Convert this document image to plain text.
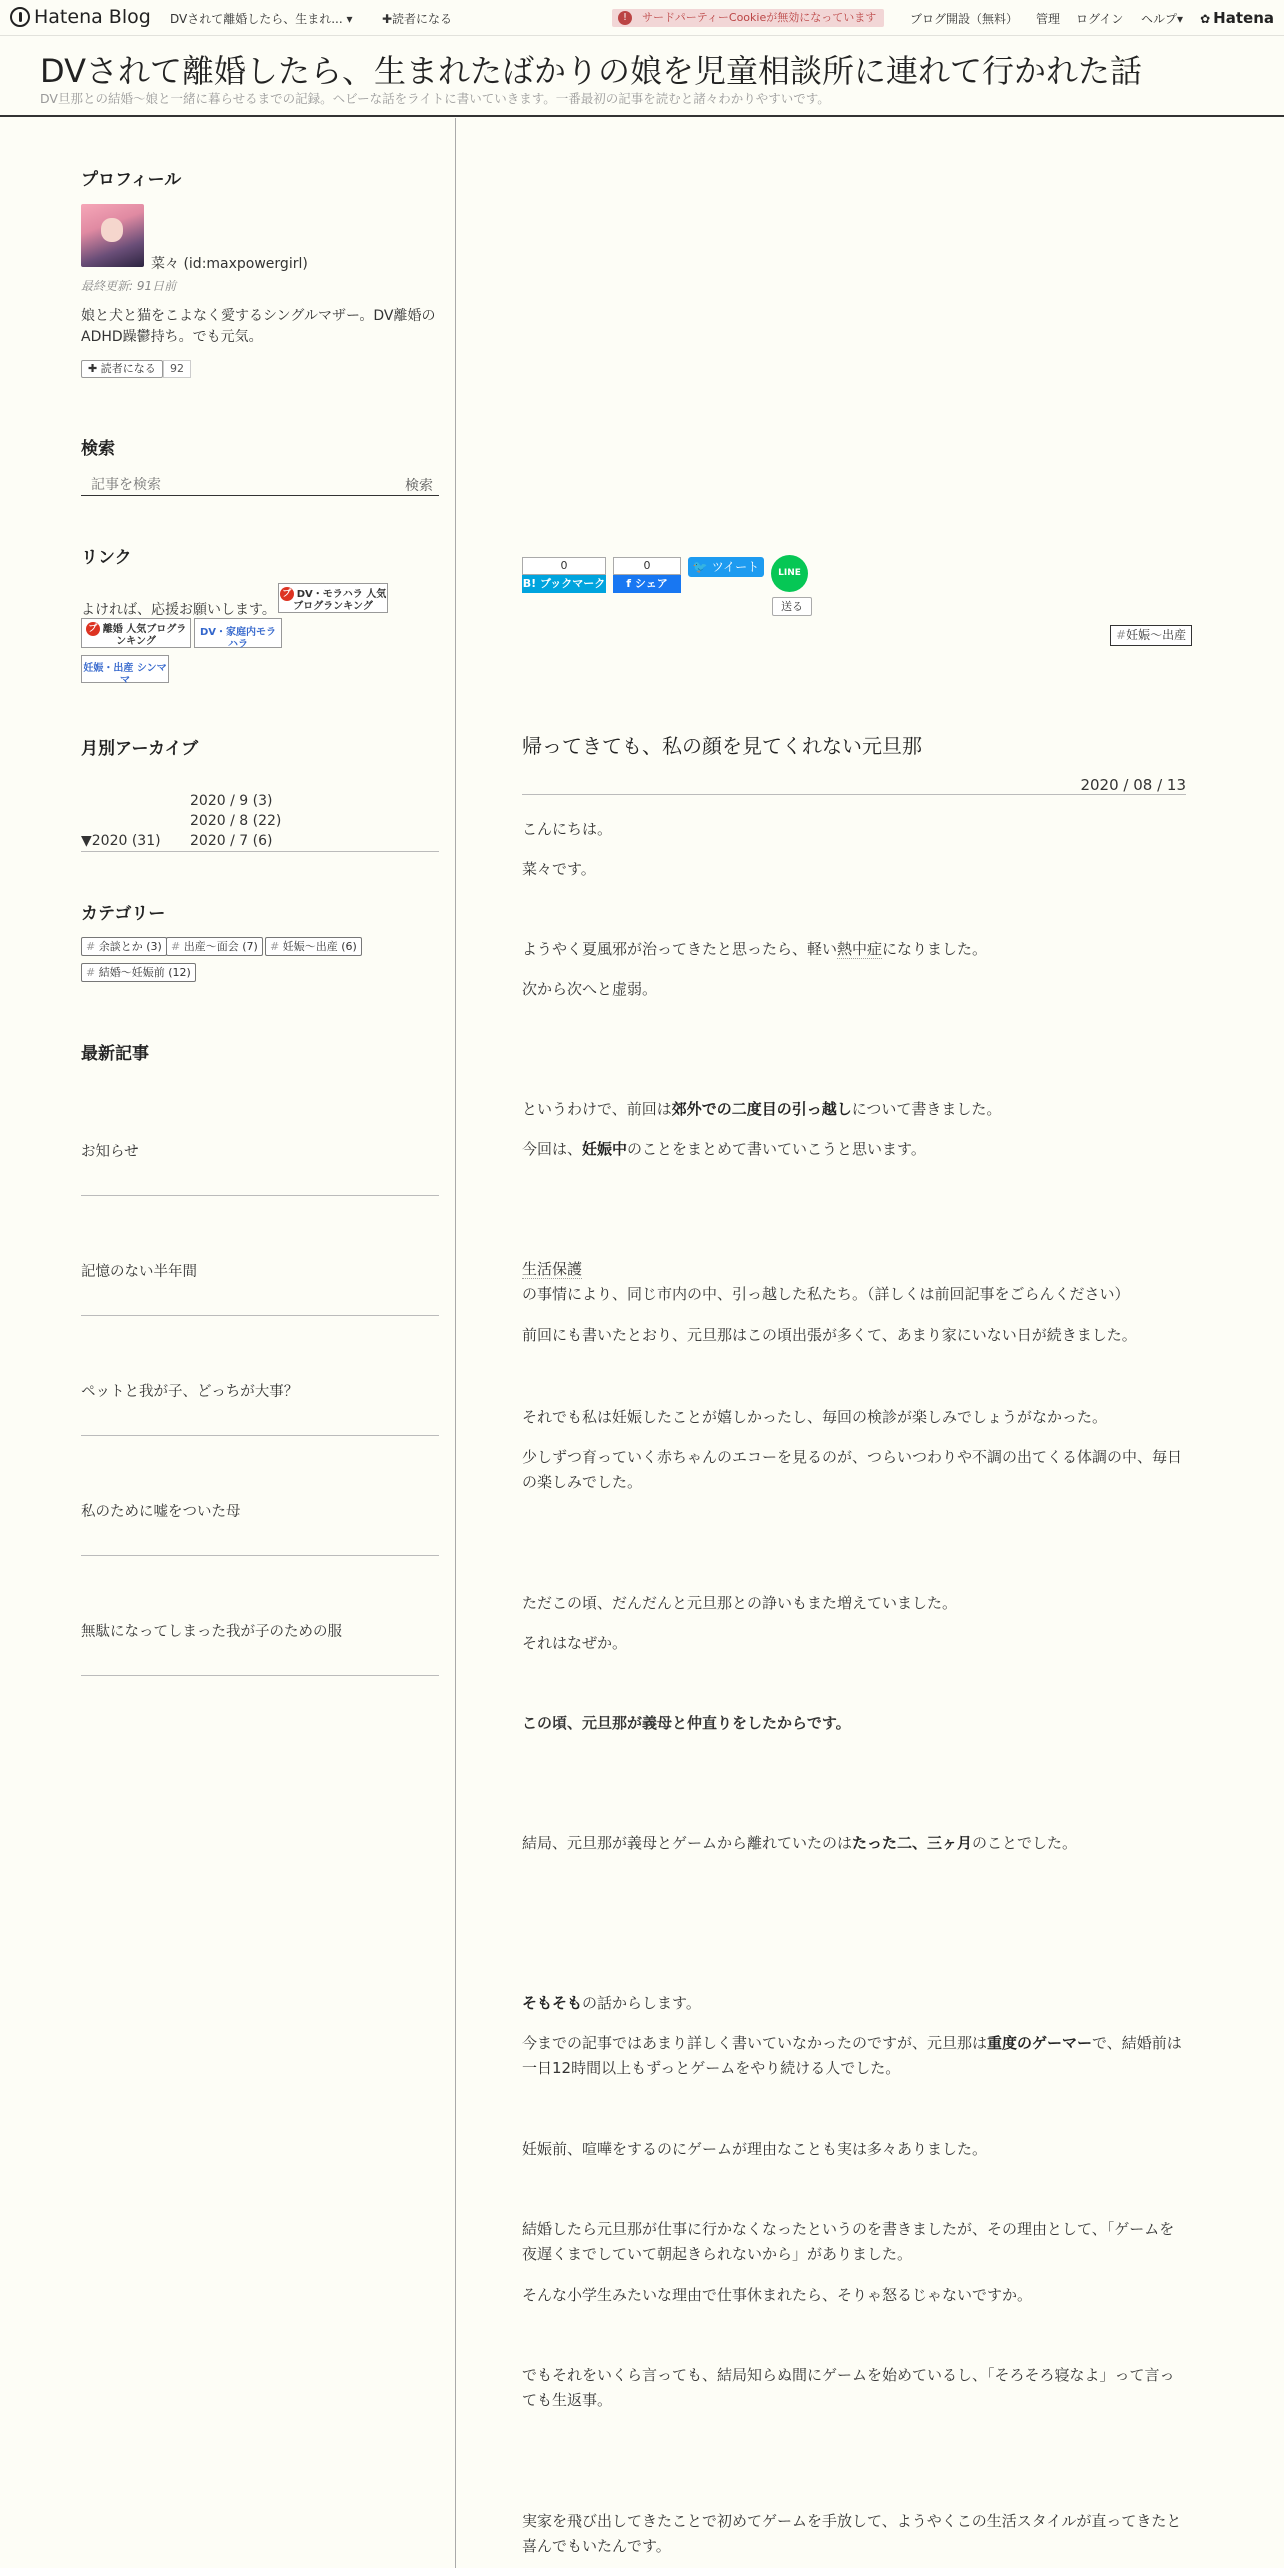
Hatena Blog DVされて離婚したら、生まれ... ▾ ✚読者になる	!	サードパーティーCookieが無効になっています	ブログ開設（無料） 管理 ログイン ヘルプ▾ ✿ Hatena
DVされて離婚したら、生まれたばかりの娘を児童相談所に連れて行かれた話

DV旦那との結婚～娘と一緒に暮らせるまでの記録。ヘビーな話をライトに書いていきます。一番最初の記事を読むと諸々わかりやすいです。

プロフィール
菜々 (id:maxpowergirl)
最終更新: 91日前
娘と犬と猫をこよなく愛するシングルマザー。DV離婚のADHD躁鬱持ち。でも元気。
✚ 読者になる	92
検索
記事を検索
検索
リンク
よければ、応援お願いします。
ブ DV・モラハラ 人気ブログランキング
ブ 離婚 人気ブログランキング
DV・家庭内モラハラ
妊娠・出産 シンママ
月別アーカイブ
2020 / 9 (3)
2020 / 8 (22)
▼2020 (31) 2020 / 7 (6)
カテゴリー
# 余談とか (3) # 出産～面会 (7)	# 妊娠～出産 (6)
# 結婚～妊娠前 (12)
最新記事
お知らせ
記憶のない半年間
ペットと我が子、どっちが大事？
私のために嘘をついた母
無駄になってしまった我が子のための服
0
B! ブックマーク
0
f シェア
🐦 ツイート	LINE
送る
#妊娠～出産
帰ってきても、私の顔を見てくれない元旦那
2020 / 08 / 13

こんにちは。

菜々です。

ようやく夏風邪が治ってきたと思ったら、軽い熱中症になりました。

次から次へと虚弱。

というわけで、前回は郊外での二度目の引っ越しについて書きました。

今回は、妊娠中のことをまとめて書いていこうと思います。

生活保護の事情により、同じ市内の中、引っ越した私たち。（詳しくは前回記事をごらんください）

前回にも書いたとおり、元旦那はこの頃出張が多くて、あまり家にいない日が続きました。

それでも私は妊娠したことが嬉しかったし、毎回の検診が楽しみでしょうがなかった。

少しずつ育っていく赤ちゃんのエコーを見るのが、つらいつわりや不調の出てくる体調の中、毎日の楽しみでした。

ただこの頃、だんだんと元旦那との諍いもまた増えていました。

それはなぜか。

この頃、元旦那が義母と仲直りをしたからです。

結局、元旦那が義母とゲームから離れていたのはたった二、三ヶ月のことでした。

そもそもの話からします。

今までの記事ではあまり詳しく書いていなかったのですが、元旦那は重度のゲーマーで、結婚前は一日12時間以上もずっとゲームをやり続ける人でした。

妊娠前、喧嘩をするのにゲームが理由なことも実は多々ありました。

結婚したら元旦那が仕事に行かなくなったというのを書きましたが、その理由として、「ゲームを夜遅くまでしていて朝起きられないから」がありました。

そんな小学生みたいな理由で仕事休まれたら、そりゃ怒るじゃないですか。

でもそれをいくら言っても、結局知らぬ間にゲームを始めているし、「そろそろ寝なよ」って言っても生返事。

実家を飛び出してきたことで初めてゲームを手放して、ようやくこの生活スタイルが直ってきたと喜んでもいたんです。
